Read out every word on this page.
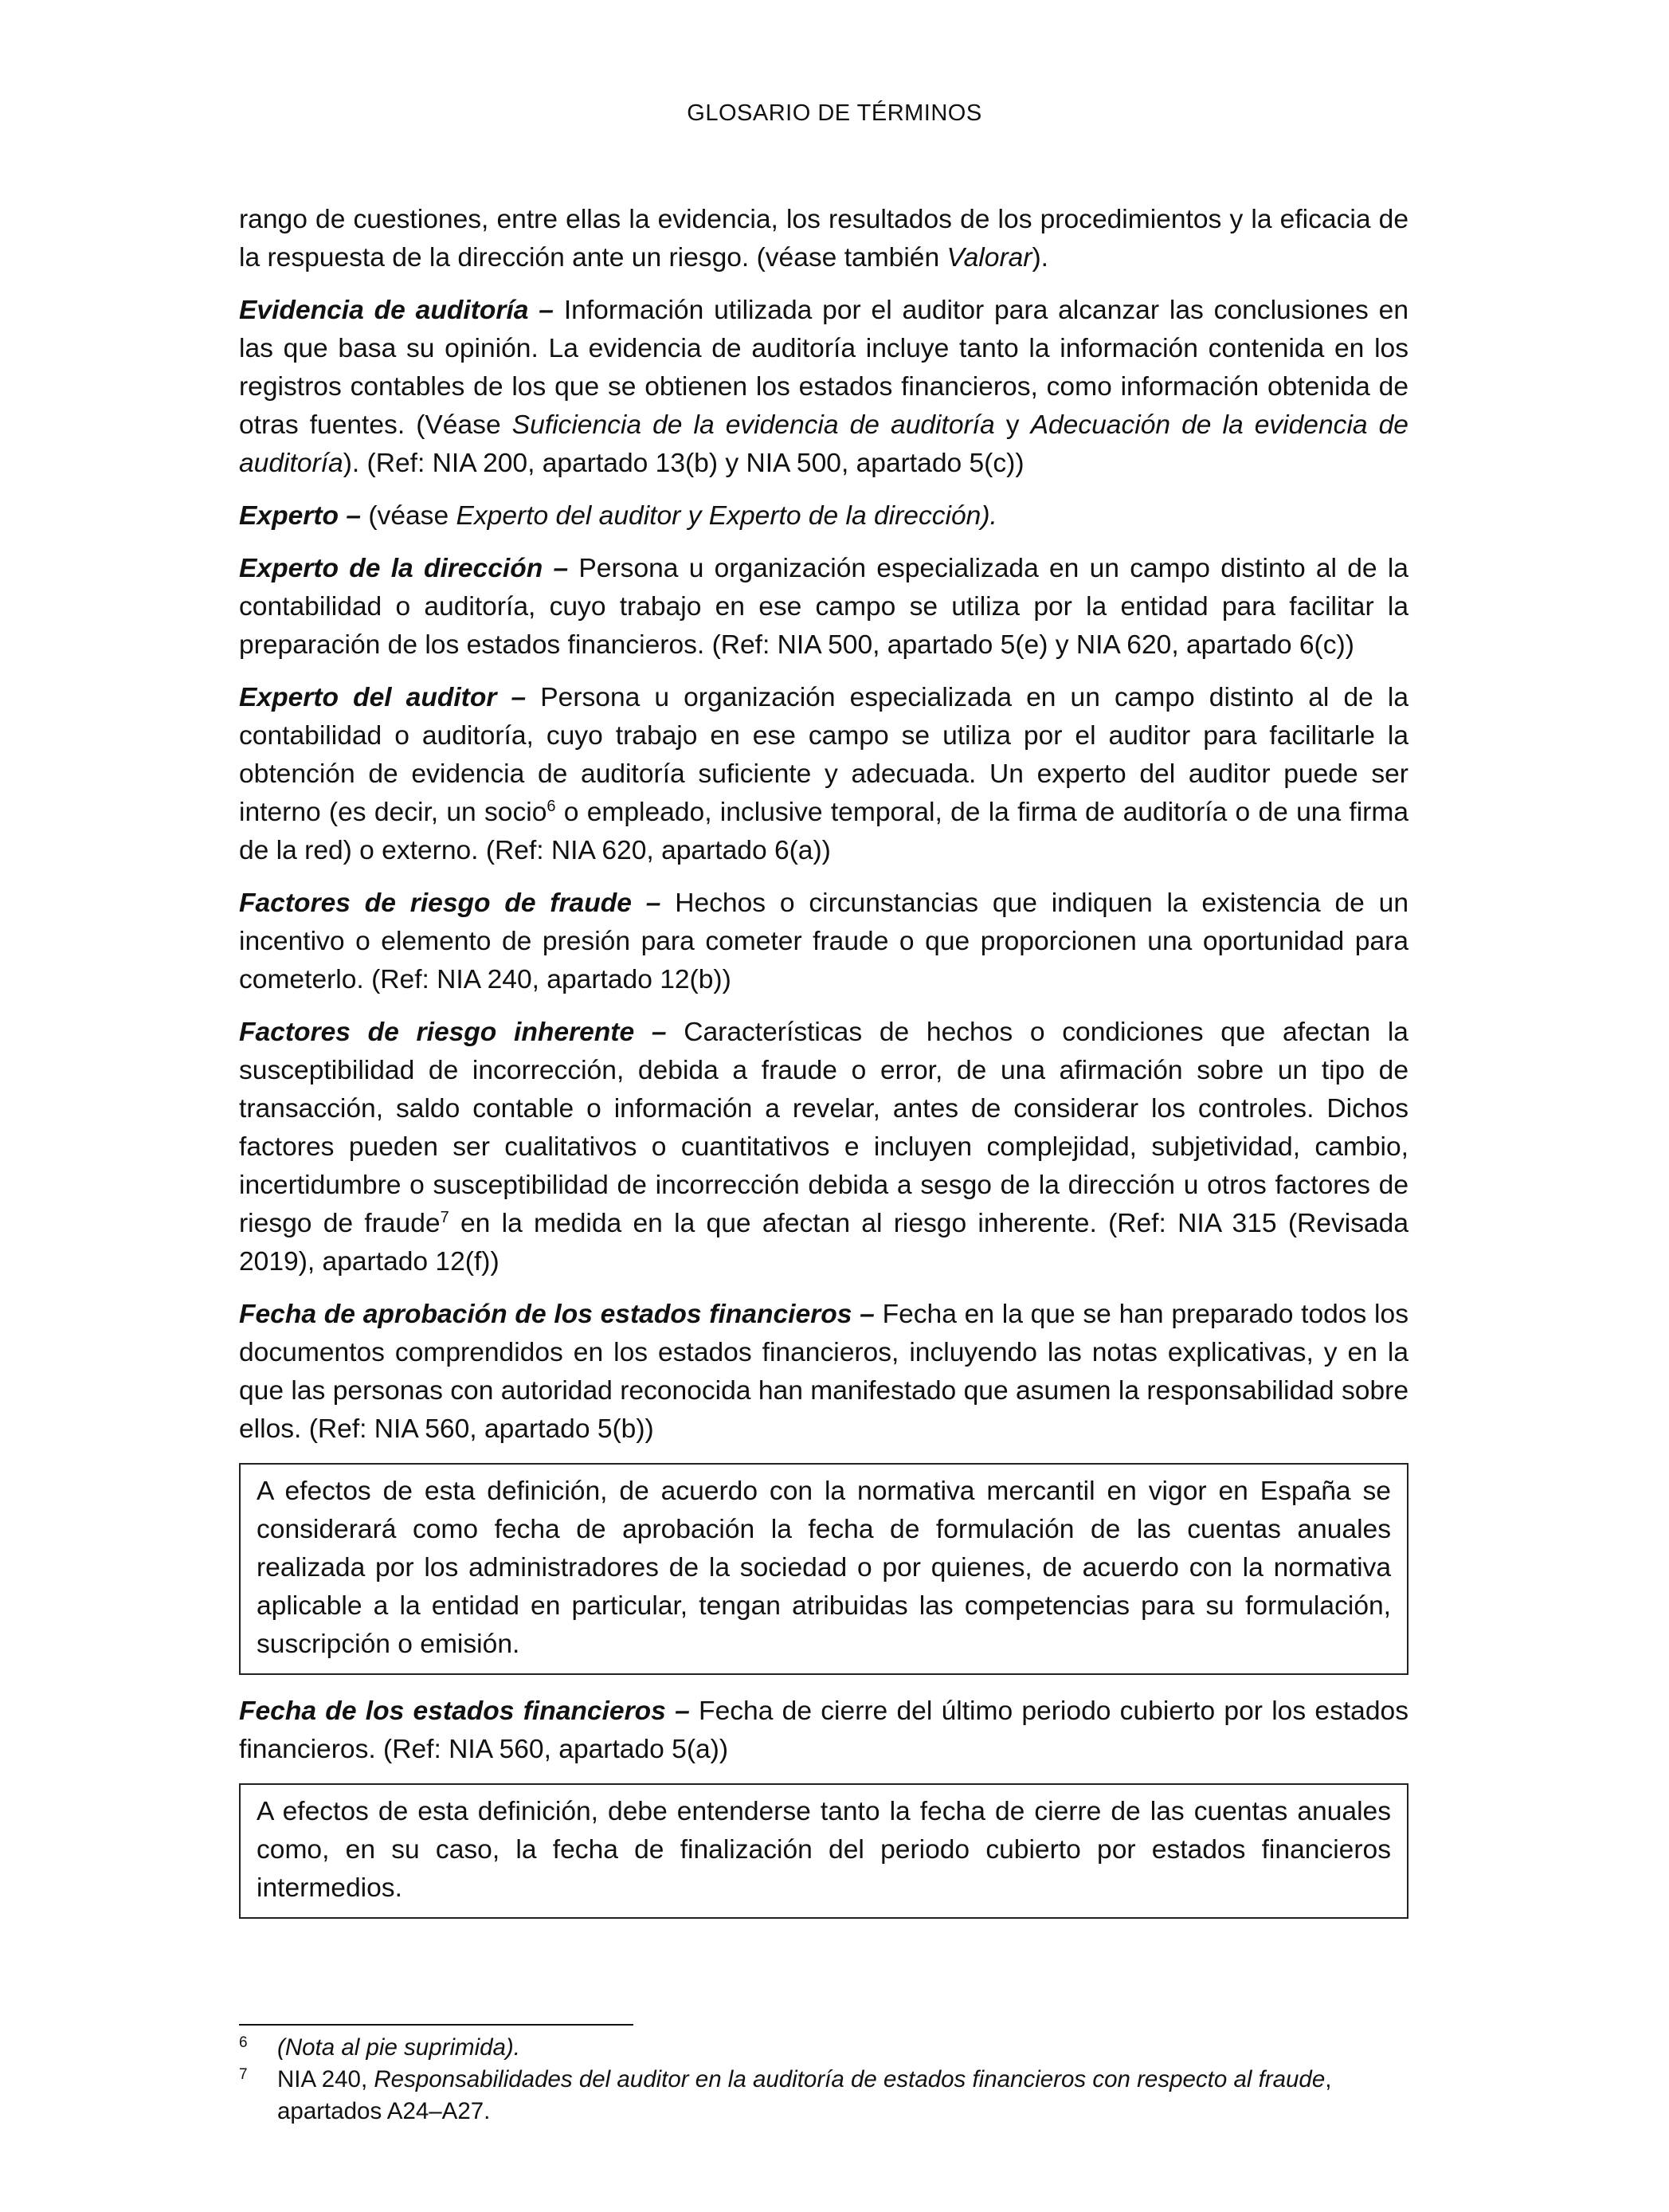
GLOSARIO DE TÉRMINOS

rango de cuestiones, entre ellas la evidencia, los resultados de los procedimientos y la eficacia de la respuesta de la dirección ante un riesgo. (véase también Valorar).

Evidencia de auditoría – Información utilizada por el auditor para alcanzar las conclusiones en las que basa su opinión. La evidencia de auditoría incluye tanto la información contenida en los registros contables de los que se obtienen los estados financieros, como información obtenida de otras fuentes. (Véase Suficiencia de la evidencia de auditoría y Adecuación de la evidencia de auditoría). (Ref: NIA 200, apartado 13(b) y NIA 500, apartado 5(c))

Experto – (véase Experto del auditor y Experto de la dirección).

Experto de la dirección – Persona u organización especializada en un campo distinto al de la contabilidad o auditoría, cuyo trabajo en ese campo se utiliza por la entidad para facilitar la preparación de los estados financieros. (Ref: NIA 500, apartado 5(e) y NIA 620, apartado 6(c))

Experto del auditor – Persona u organización especializada en un campo distinto al de la contabilidad o auditoría, cuyo trabajo en ese campo se utiliza por el auditor para facilitarle la obtención de evidencia de auditoría suficiente y adecuada. Un experto del auditor puede ser interno (es decir, un socio$^6$ o empleado, inclusive temporal, de la firma de auditoría o de una firma de la red) o externo. (Ref: NIA 620, apartado 6(a))

Factores de riesgo de fraude – Hechos o circunstancias que indiquen la existencia de un incentivo o elemento de presión para cometer fraude o que proporcionen una oportunidad para cometerlo. (Ref: NIA 240, apartado 12(b))

Factores de riesgo inherente – Características de hechos o condiciones que afectan la susceptibilidad de incorrección, debida a fraude o error, de una afirmación sobre un tipo de transacción, saldo contable o información a revelar, antes de considerar los controles. Dichos factores pueden ser cualitativos o cuantitativos e incluyen complejidad, subjetividad, cambio, incertidumbre o susceptibilidad de incorrección debida a sesgo de la dirección u otros factores de riesgo de fraude$^7$ en la medida en la que afectan al riesgo inherente. (Ref: NIA 315 (Revisada 2019), apartado 12(f))

Fecha de aprobación de los estados financieros – Fecha en la que se han preparado todos los documentos comprendidos en los estados financieros, incluyendo las notas explicativas, y en la que las personas con autoridad reconocida han manifestado que asumen la responsabilidad sobre ellos. (Ref: NIA 560, apartado 5(b))

A efectos de esta definición, de acuerdo con la normativa mercantil en vigor en España se considerará como fecha de aprobación la fecha de formulación de las cuentas anuales realizada por los administradores de la sociedad o por quienes, de acuerdo con la normativa aplicable a la entidad en particular, tengan atribuidas las competencias para su formulación, suscripción o emisión.

Fecha de los estados financieros – Fecha de cierre del último periodo cubierto por los estados financieros. (Ref: NIA 560, apartado 5(a))

A efectos de esta definición, debe entenderse tanto la fecha de cierre de las cuentas anuales como, en su caso, la fecha de finalización del periodo cubierto por estados financieros intermedios.

6 (Nota al pie suprimida).

7 NIA 240, Responsabilidades del auditor en la auditoría de estados financieros con respecto al fraude, apartados A24–A27.
